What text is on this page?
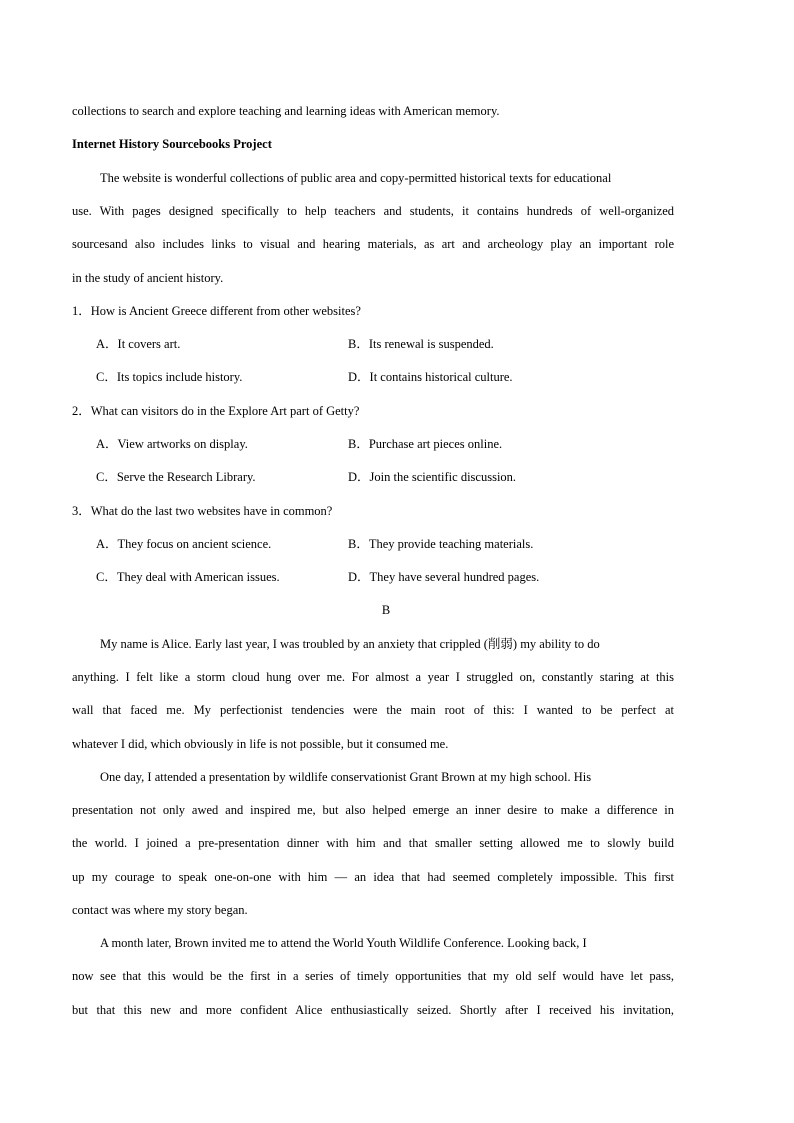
collections to search and explore teaching and learning ideas with American memory.
Internet History Sourcebooks Project
The website is wonderful collections of public area and copy-permitted historical texts for educational
use. With pages designed specifically to help teachers and students, it contains hundreds of well-organized
sourcesand also includes links to visual and hearing materials, as art and archeology play an important role
in the study of ancient history.
1．How is Ancient Greece different from other websites?
A．It covers art.	B．Its renewal is suspended.
C．Its topics include history.	D．It contains historical culture.
2．What can visitors do in the Explore Art part of Getty?
A．View artworks on display.	B．Purchase art pieces online.
C．Serve the Research Library.	D．Join the scientific discussion.
3．What do the last two websites have in common?
A．They focus on ancient science.	B．They provide teaching materials.
C．They deal with American issues.	D．They have several hundred pages.
B
My name is Alice. Early last year, I was troubled by an anxiety that crippled (削弱) my ability to do
anything. I felt like a storm cloud hung over me. For almost a year I struggled on, constantly staring at this
wall that faced me. My perfectionist tendencies were the main root of this: I wanted to be perfect at
whatever I did, which obviously in life is not possible, but it consumed me.
One day, I attended a presentation by wildlife conservationist Grant Brown at my high school. His
presentation not only awed and inspired me, but also helped emerge an inner desire to make a difference in
the world. I joined a pre-presentation dinner with him and that smaller setting allowed me to slowly build
up my courage to speak one-on-one with him — an idea that had seemed completely impossible. This first
contact was where my story began.
A month later, Brown invited me to attend the World Youth Wildlife Conference. Looking back, I
now see that this would be the first in a series of timely opportunities that my old self would have let pass,
but that this new and more confident Alice enthusiastically seized. Shortly after I received his invitation,
